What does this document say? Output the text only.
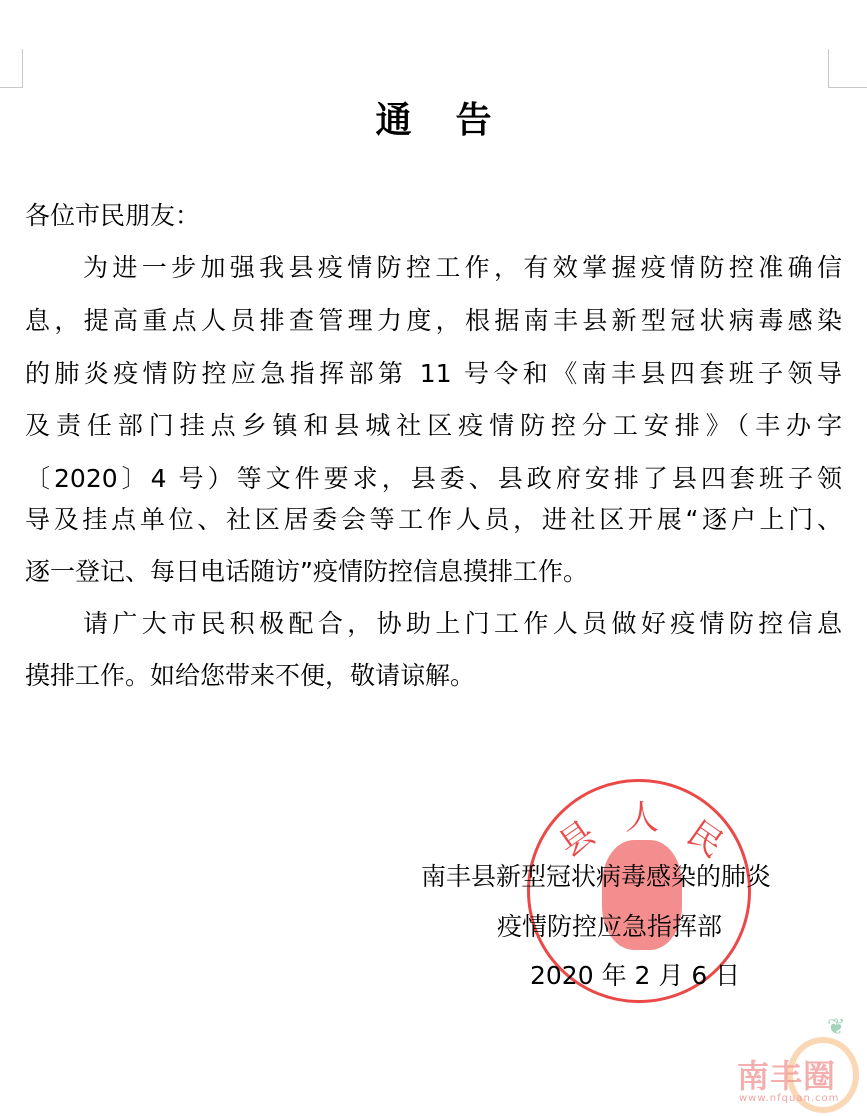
通告
各位市民朋友：
为进一步加强我县疫情防控工作，有效掌握疫情防控准确信
息，提高重点人员排查管理力度，根据南丰县新型冠状病毒感染
的肺炎疫情防控应急指挥部第 11 号令和《南丰县四套班子领导
及责任部门挂点乡镇和县城社区疫情防控分工安排》（丰办字
〔2020〕4 号）等文件要求，县委、县政府安排了县四套班子领
导及挂点单位、社区居委会等工作人员，进社区开展“逐户上门、
逐一登记、每日电话随访”疫情防控信息摸排工作。
请广大市民积极配合，协助上门工作人员做好疫情防控信息
摸排工作。如给您带来不便，敬请谅解。
县 人 民
南丰县新型冠状病毒感染的肺炎
疫情防控应急指挥部
2020 年 2 月 6 日
❦
南丰圈
www.nfquan.com
